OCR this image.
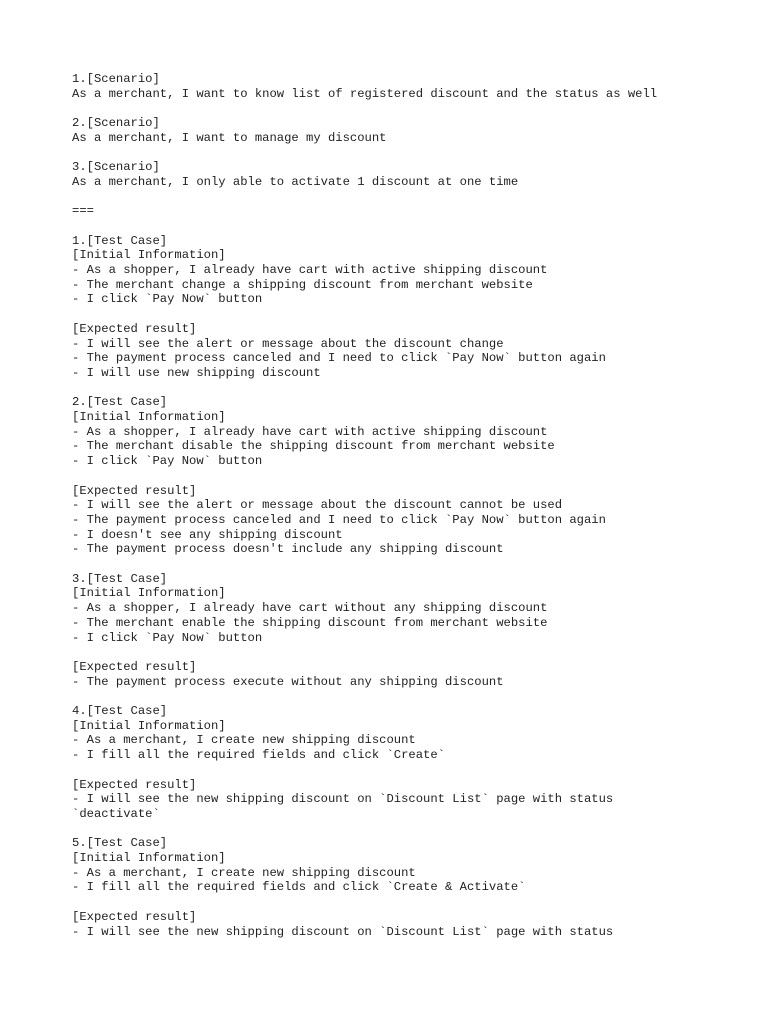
1.[Scenario]
As a merchant, I want to know list of registered discount and the status as well
2.[Scenario]
As a merchant, I want to manage my discount
3.[Scenario]
As a merchant, I only able to activate 1 discount at one time
===
1.[Test Case]
[Initial Information]
- As a shopper, I already have cart with active shipping discount
- The merchant change a shipping discount from merchant website
- I click `Pay Now` button
[Expected result]
- I will see the alert or message about the discount change
- The payment process canceled and I need to click `Pay Now` button again
- I will use new shipping discount
2.[Test Case]
[Initial Information]
- As a shopper, I already have cart with active shipping discount
- The merchant disable the shipping discount from merchant website
- I click `Pay Now` button
[Expected result]
- I will see the alert or message about the discount cannot be used
- The payment process canceled and I need to click `Pay Now` button again
- I doesn't see any shipping discount
- The payment process doesn't include any shipping discount
3.[Test Case]
[Initial Information]
- As a shopper, I already have cart without any shipping discount
- The merchant enable the shipping discount from merchant website
- I click `Pay Now` button
[Expected result]
- The payment process execute without any shipping discount
4.[Test Case]
[Initial Information]
- As a merchant, I create new shipping discount
- I fill all the required fields and click `Create`
[Expected result]
- I will see the new shipping discount on `Discount List` page with status
`deactivate`
5.[Test Case]
[Initial Information]
- As a merchant, I create new shipping discount
- I fill all the required fields and click `Create & Activate`
[Expected result]
- I will see the new shipping discount on `Discount List` page with status
